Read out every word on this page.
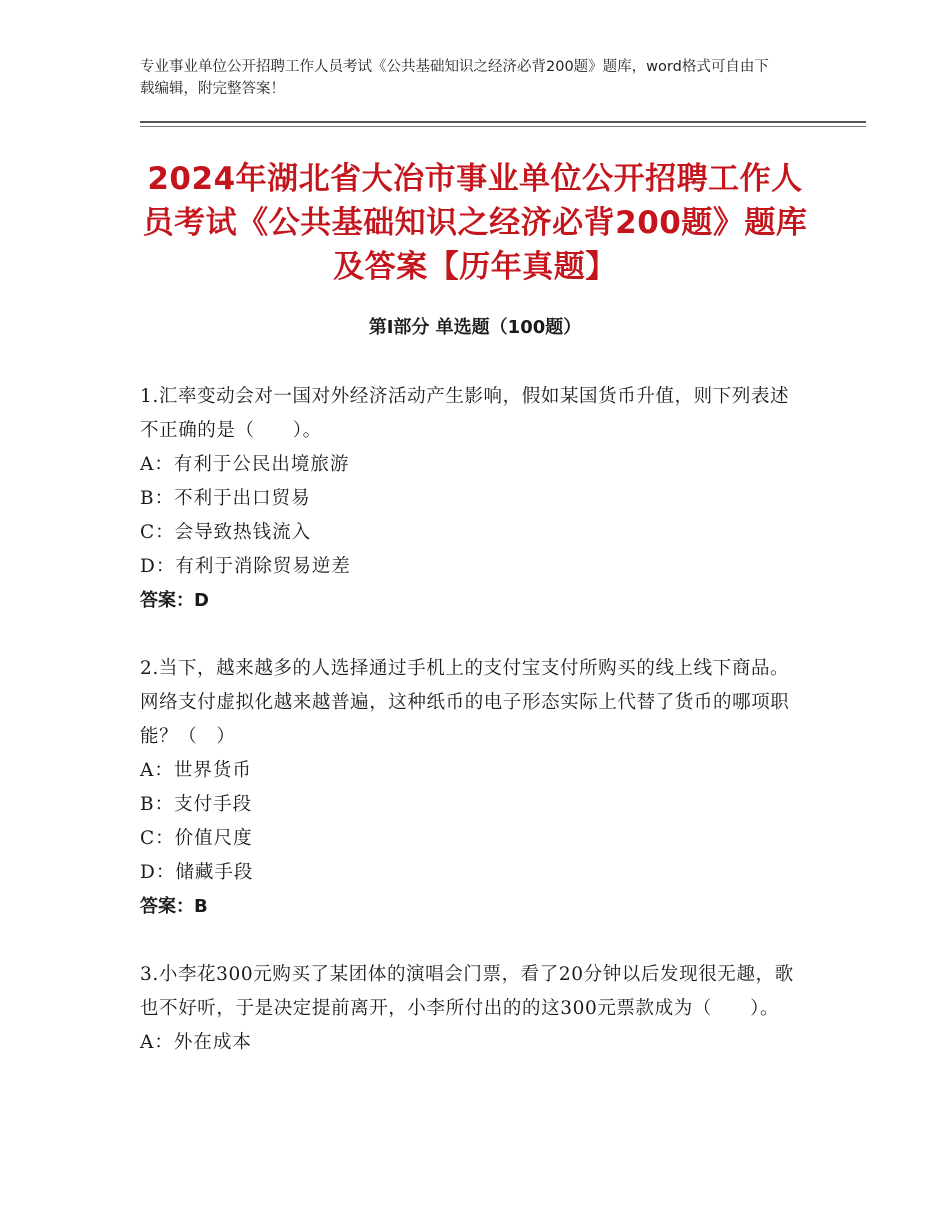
专业事业单位公开招聘工作人员考试《公共基础知识之经济必背200题》题库，word格式可自由下载编辑，附完整答案！
2024年湖北省大冶市事业单位公开招聘工作人员考试《公共基础知识之经济必背200题》题库及答案【历年真题】
第Ⅰ部分 单选题（100题）
1.汇率变动会对一国对外经济活动产生影响，假如某国货币升值，则下列表述不正确的是（　　）。
A：有利于公民出境旅游
B：不利于出口贸易
C：会导致热钱流入
D：有利于消除贸易逆差
答案：D
2.当下，越来越多的人选择通过手机上的支付宝支付所购买的线上线下商品。网络支付虚拟化越来越普遍，这种纸币的电子形态实际上代替了货币的哪项职能？（　）
A：世界货币
B：支付手段
C：价值尺度
D：储藏手段
答案：B
3.小李花300元购买了某团体的演唱会门票，看了20分钟以后发现很无趣，歌也不好听，于是决定提前离开，小李所付出的的这300元票款成为（　　）。
A：外在成本
